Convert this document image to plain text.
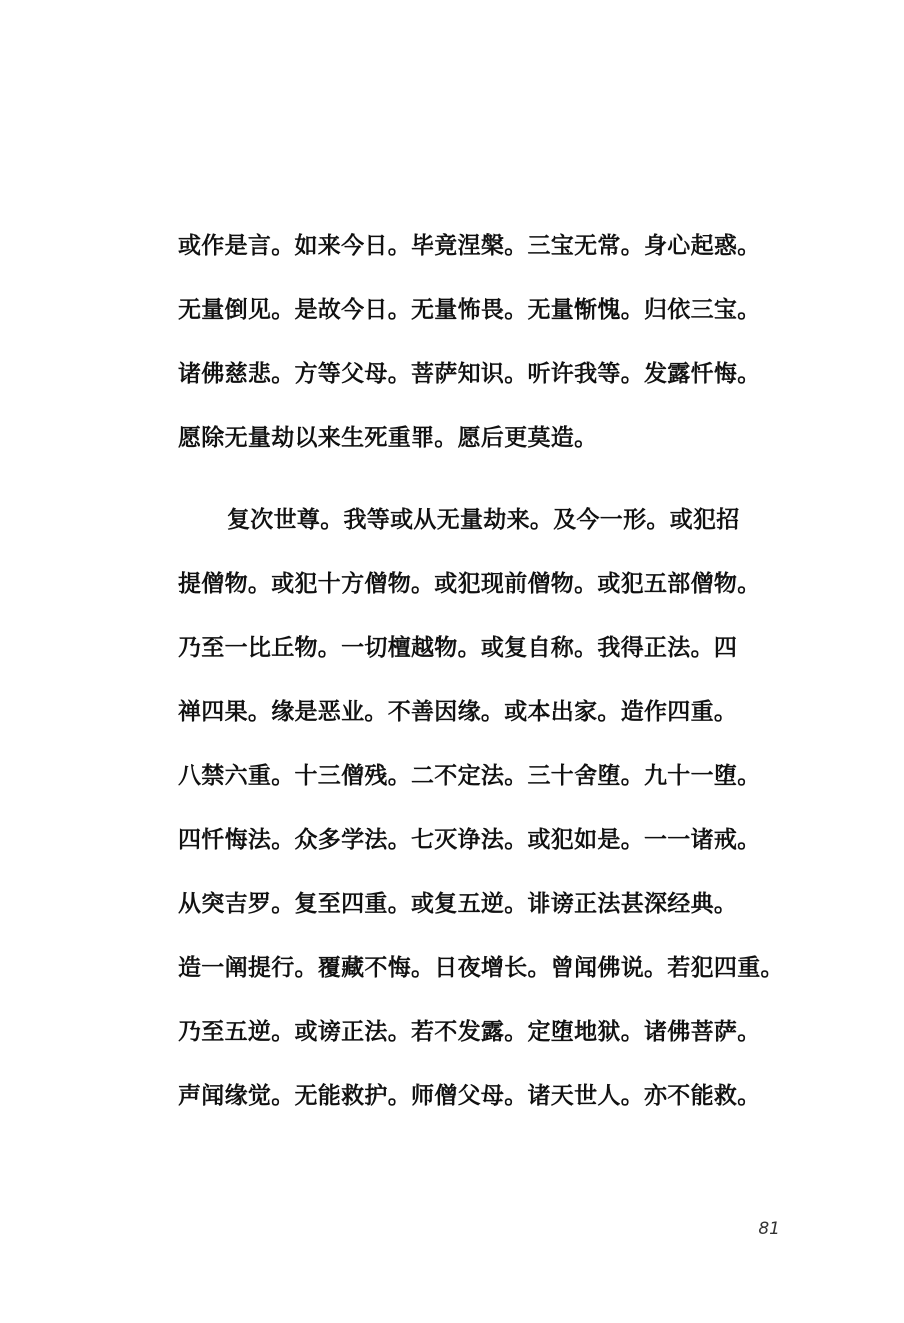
或作是言。如来今日。毕竟涅槃。三宝无常。身心起惑。
无量倒见。是故今日。无量怖畏。无量惭愧。归依三宝。
诸佛慈悲。方等父母。菩萨知识。听许我等。发露忏悔。
愿除无量劫以来生死重罪。愿后更莫造。
复次世尊。我等或从无量劫来。及今一形。或犯招
提僧物。或犯十方僧物。或犯现前僧物。或犯五部僧物。
乃至一比丘物。一切檀越物。或复自称。我得正法。四
禅四果。缘是恶业。不善因缘。或本出家。造作四重。
八禁六重。十三僧残。二不定法。三十舍堕。九十一堕。
四忏悔法。众多学法。七灭诤法。或犯如是。一一诸戒。
从突吉罗。复至四重。或复五逆。诽谤正法甚深经典。
造一阐提行。覆藏不悔。日夜增长。曾闻佛说。若犯四重。
乃至五逆。或谤正法。若不发露。定堕地狱。诸佛菩萨。
声闻缘觉。无能救护。师僧父母。诸天世人。亦不能救。
81
